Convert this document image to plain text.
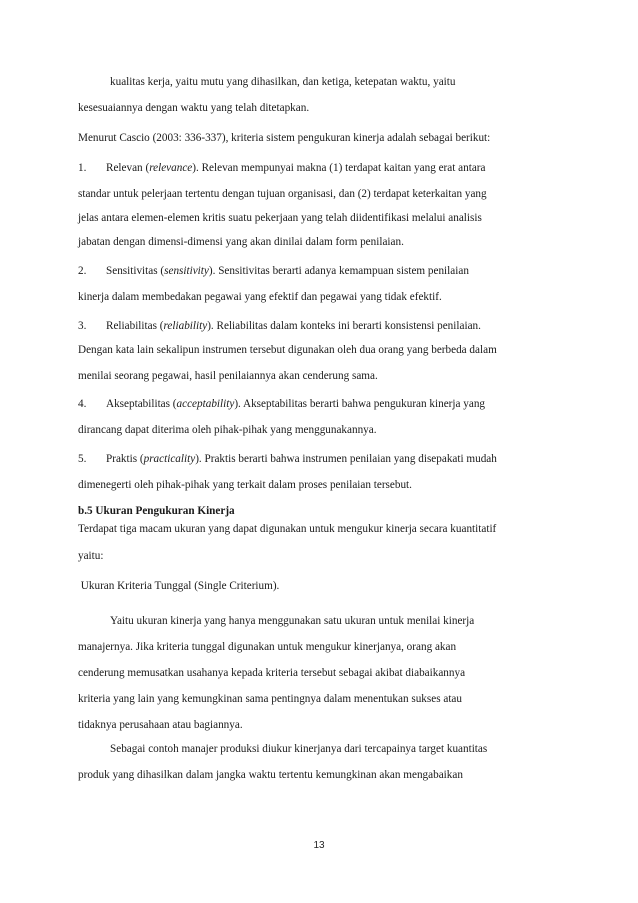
kualitas kerja, yaitu mutu yang dihasilkan, dan ketiga, ketepatan waktu, yaitu
kesesuaiannya dengan waktu yang telah ditetapkan.
Menurut Cascio (2003: 336-337), kriteria sistem pengukuran kinerja adalah sebagai berikut:
1. Relevan (relevance). Relevan mempunyai makna (1) terdapat kaitan yang erat antara
standar untuk pelerjaan tertentu dengan tujuan organisasi, dan (2) terdapat keterkaitan yang
jelas antara elemen-elemen kritis suatu pekerjaan yang telah diidentifikasi melalui analisis
jabatan dengan dimensi-dimensi yang akan dinilai dalam form penilaian.
2. Sensitivitas (sensitivity). Sensitivitas berarti adanya kemampuan sistem penilaian
kinerja dalam membedakan pegawai yang efektif dan pegawai yang tidak efektif.
3. Reliabilitas (reliability). Reliabilitas dalam konteks ini berarti konsistensi penilaian.
Dengan kata lain sekalipun instrumen tersebut digunakan oleh dua orang yang berbeda dalam
menilai seorang pegawai, hasil penilaiannya akan cenderung sama.
4. Akseptabilitas (acceptability). Akseptabilitas berarti bahwa pengukuran kinerja yang
dirancang dapat diterima oleh pihak-pihak yang menggunakannya.
5. Praktis (practicality). Praktis berarti bahwa instrumen penilaian yang disepakati mudah
dimenegerti oleh pihak-pihak yang terkait dalam proses penilaian tersebut.
b.5 Ukuran Pengukuran Kinerja
Terdapat tiga macam ukuran yang dapat digunakan untuk mengukur kinerja secara kuantitatif
yaitu:
Ukuran Kriteria Tunggal (Single Criterium).
Yaitu ukuran kinerja yang hanya menggunakan satu ukuran untuk menilai kinerja
manajernya. Jika kriteria tunggal digunakan untuk mengukur kinerjanya, orang akan
cenderung memusatkan usahanya kepada kriteria tersebut sebagai akibat diabaikannya
kriteria yang lain yang kemungkinan sama pentingnya dalam menentukan sukses atau
tidaknya perusahaan atau bagiannya.
Sebagai contoh manajer produksi diukur kinerjanya dari tercapainya target kuantitas
produk yang dihasilkan dalam jangka waktu tertentu kemungkinan akan mengabaikan
13
